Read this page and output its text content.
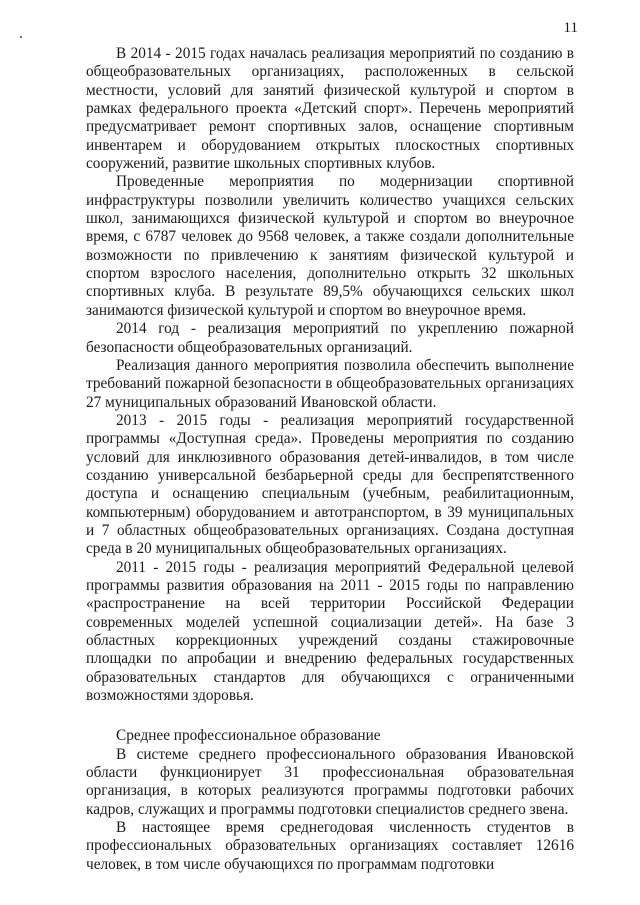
11

В 2014 - 2015 годах началась реализация мероприятий по созданию в общеобразовательных организациях, расположенных в сельской местности, условий для занятий физической культурой и спортом в рамках федерального проекта «Детский спорт». Перечень мероприятий предусматривает ремонт спортивных залов, оснащение спортивным инвентарем и оборудованием открытых плоскостных спортивных сооружений, развитие школьных спортивных клубов.

Проведенные мероприятия по модернизации спортивной инфраструктуры позволили увеличить количество учащихся сельских школ, занимающихся физической культурой и спортом во внеурочное время, с 6787 человек до 9568 человек, а также создали дополнительные возможности по привлечению к занятиям физической культурой и спортом взрослого населения, дополнительно открыть 32 школьных спортивных клуба. В результате 89,5% обучающихся сельских школ занимаются физической культурой и спортом во внеурочное время.

2014 год - реализация мероприятий по укреплению пожарной безопасности общеобразовательных организаций.

Реализация данного мероприятия позволила обеспечить выполнение требований пожарной безопасности в общеобразовательных организациях 27 муниципальных образований Ивановской области.

2013 - 2015 годы - реализация мероприятий государственной программы «Доступная среда». Проведены мероприятия по созданию условий для инклюзивного образования детей-инвалидов, в том числе созданию универсальной безбарьерной среды для беспрепятственного доступа и оснащению специальным (учебным, реабилитационным, компьютерным) оборудованием и автотранспортом, в 39 муниципальных и 7 областных общеобразовательных организациях. Создана доступная среда в 20 муниципальных общеобразовательных организациях.

2011 - 2015 годы - реализация мероприятий Федеральной целевой программы развития образования на 2011 - 2015 годы по направлению «распространение на всей территории Российской Федерации современных моделей успешной социализации детей». На базе 3 областных коррекционных учреждений созданы стажировочные площадки по апробации и внедрению федеральных государственных образовательных стандартов для обучающихся с ограниченными возможностями здоровья.

Среднее профессиональное образование

В системе среднего профессионального образования Ивановской области функционирует 31 профессиональная образовательная организация, в которых реализуются программы подготовки рабочих кадров, служащих и программы подготовки специалистов среднего звена.

В настоящее время среднегодовая численность студентов в профессиональных образовательных организациях составляет 12616 человек, в том числе обучающихся по программам подготовки
